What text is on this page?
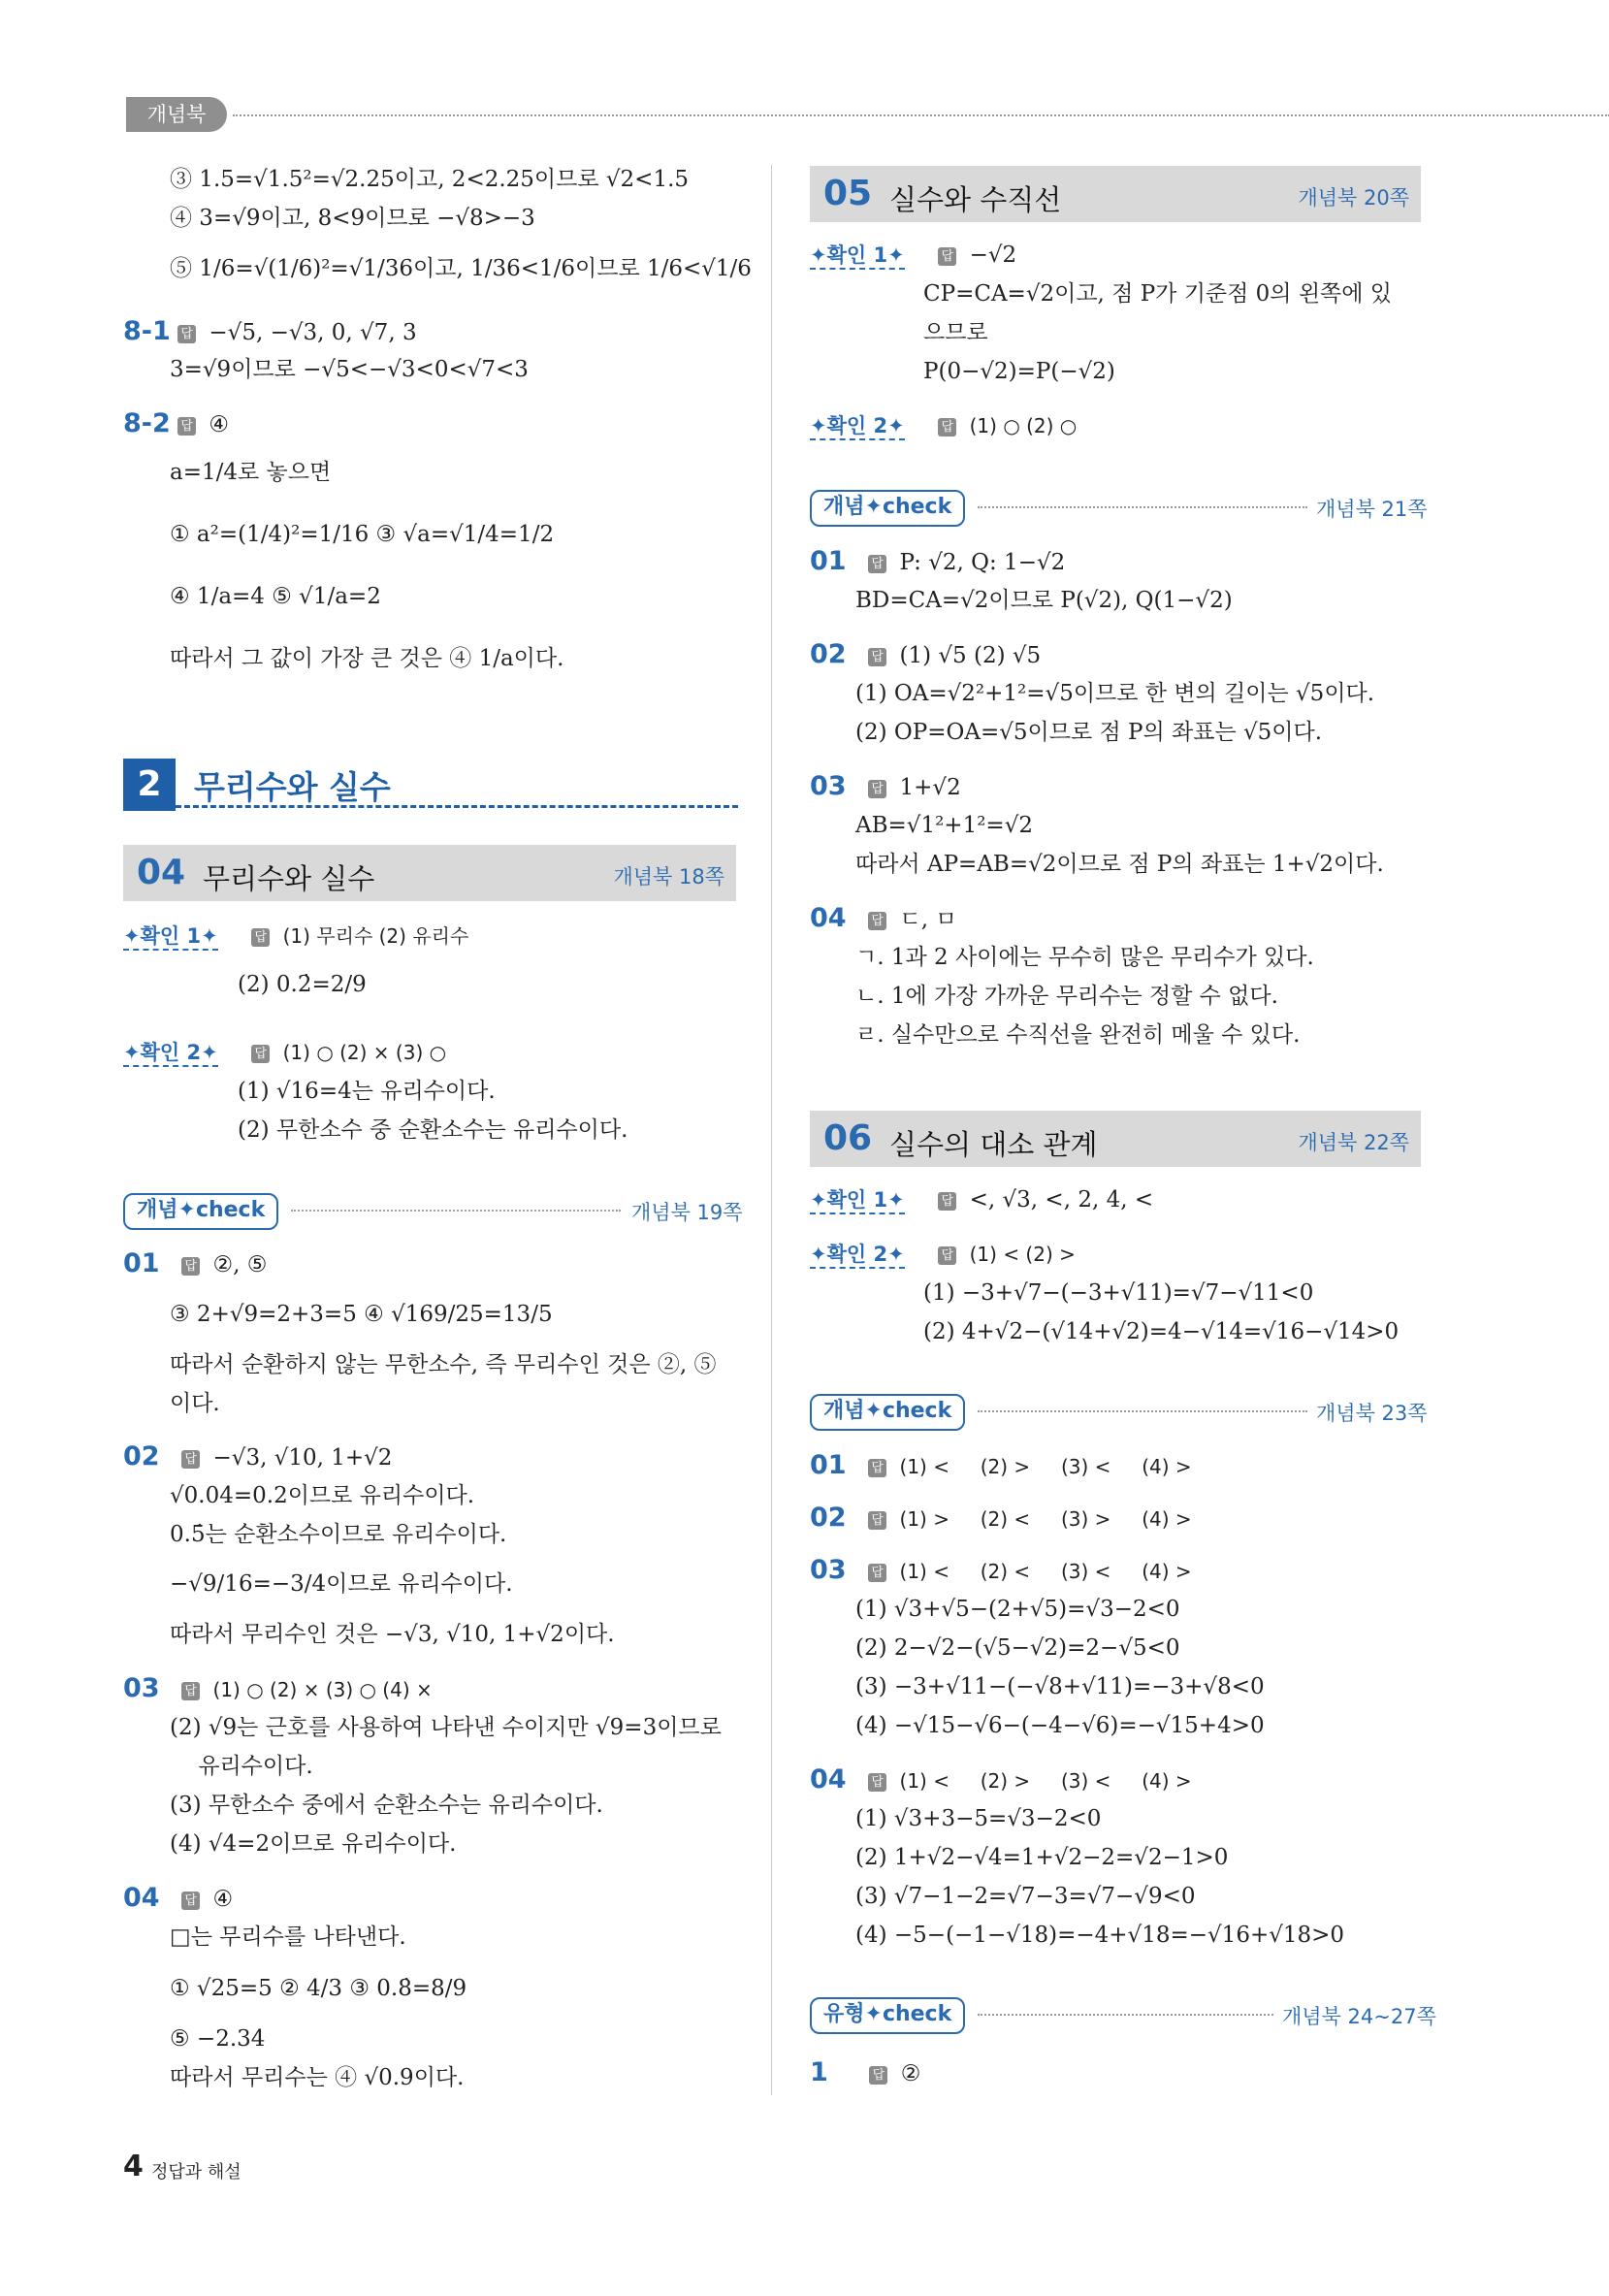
개념북
③ 1.5=√1.5²=√2.25이고, 2<2.25이므로 √2<1.5
④ 3=√9이고, 8<9이므로 −√8>−3
⑤ 1/6=√(1/6)²=√1/36이고, 1/36<1/6이므로 1/6<√1/6
8-1 답 −√5, −√3, 0, √7, 3
3=√9이므로 −√5<−√3<0<√7<3
8-2 답 ④
a=1/4로 놓으면
① a²=(1/4)²=1/16 ③ √a=√1/4=1/2
④ 1/a=4 ⑤ √1/a=2
따라서 그 값이 가장 큰 것은 ④ 1/a이다.
2	무리수와 실수
04 무리수와 실수	개념북 18쪽
✦확인 1✦	답 (1) 무리수 (2) 유리수
(2) 0.2̇=2/9
✦확인 2✦	답 (1) ○ (2) × (3) ○
(1) √16=4는 유리수이다.
(2) 무한소수 중 순환소수는 유리수이다.
개념✦check	개념북 19쪽
01 답 ②, ⑤
③ 2+√9=2+3=5 ④ √169/25=13/5
따라서 순환하지 않는 무한소수, 즉 무리수인 것은 ②, ⑤
이다.
02 답 −√3, √10, 1+√2
√0.04=0.2이므로 유리수이다.
0.5̇는 순환소수이므로 유리수이다.
−√9/16=−3/4이므로 유리수이다.
따라서 무리수인 것은 −√3, √10, 1+√2이다.
03 답 (1) ○ (2) × (3) ○ (4) ×
(2) √9는 근호를 사용하여 나타낸 수이지만 √9=3이므로
유리수이다.
(3) 무한소수 중에서 순환소수는 유리수이다.
(4) √4=2이므로 유리수이다.
04 답 ④
□는 무리수를 나타낸다.
① √25=5 ② 4/3 ③ 0.8̇=8/9
⑤ −2.34
따라서 무리수는 ④ √0.9이다.
05 실수와 수직선	개념북 20쪽
✦확인 1✦	답 −√2
CP=CA=√2이고, 점 P가 기준점 0의 왼쪽에 있
으므로
P(0−√2)=P(−√2)
✦확인 2✦	답 (1) ○ (2) ○
개념✦check	개념북 21쪽
01 답 P: √2, Q: 1−√2
BD=CA=√2이므로 P(√2), Q(1−√2)
02 답 (1) √5 (2) √5
(1) OA=√2²+1²=√5이므로 한 변의 길이는 √5이다.
(2) OP=OA=√5이므로 점 P의 좌표는 √5이다.
03 답 1+√2
AB=√1²+1²=√2
따라서 AP=AB=√2이므로 점 P의 좌표는 1+√2이다.
04 답 ㄷ, ㅁ
ㄱ. 1과 2 사이에는 무수히 많은 무리수가 있다.
ㄴ. 1에 가장 가까운 무리수는 정할 수 없다.
ㄹ. 실수만으로 수직선을 완전히 메울 수 있다.
06 실수의 대소 관계	개념북 22쪽
✦확인 1✦	답 <, √3, <, 2, 4, <
✦확인 2✦	답 (1) < (2) >
(1) −3+√7−(−3+√11)=√7−√11<0
(2) 4+√2−(√14+√2)=4−√14=√16−√14>0
개념✦check	개념북 23쪽
01 답 (1) <     (2) >     (3) <     (4) >
02 답 (1) >     (2) <     (3) >     (4) >
03 답 (1) <     (2) <     (3) <     (4) >
(1) √3+√5−(2+√5)=√3−2<0
(2) 2−√2−(√5−√2)=2−√5<0
(3) −3+√11−(−√8+√11)=−3+√8<0
(4) −√15−√6−(−4−√6)=−√15+4>0
04 답 (1) <     (2) >     (3) <     (4) >
(1) √3+3−5=√3−2<0
(2) 1+√2−√4=1+√2−2=√2−1>0
(3) √7−1−2=√7−3=√7−√9<0
(4) −5−(−1−√18)=−4+√18=−√16+√18>0
유형✦check	개념북 24~27쪽
1	답 ②
4 정답과 해설
